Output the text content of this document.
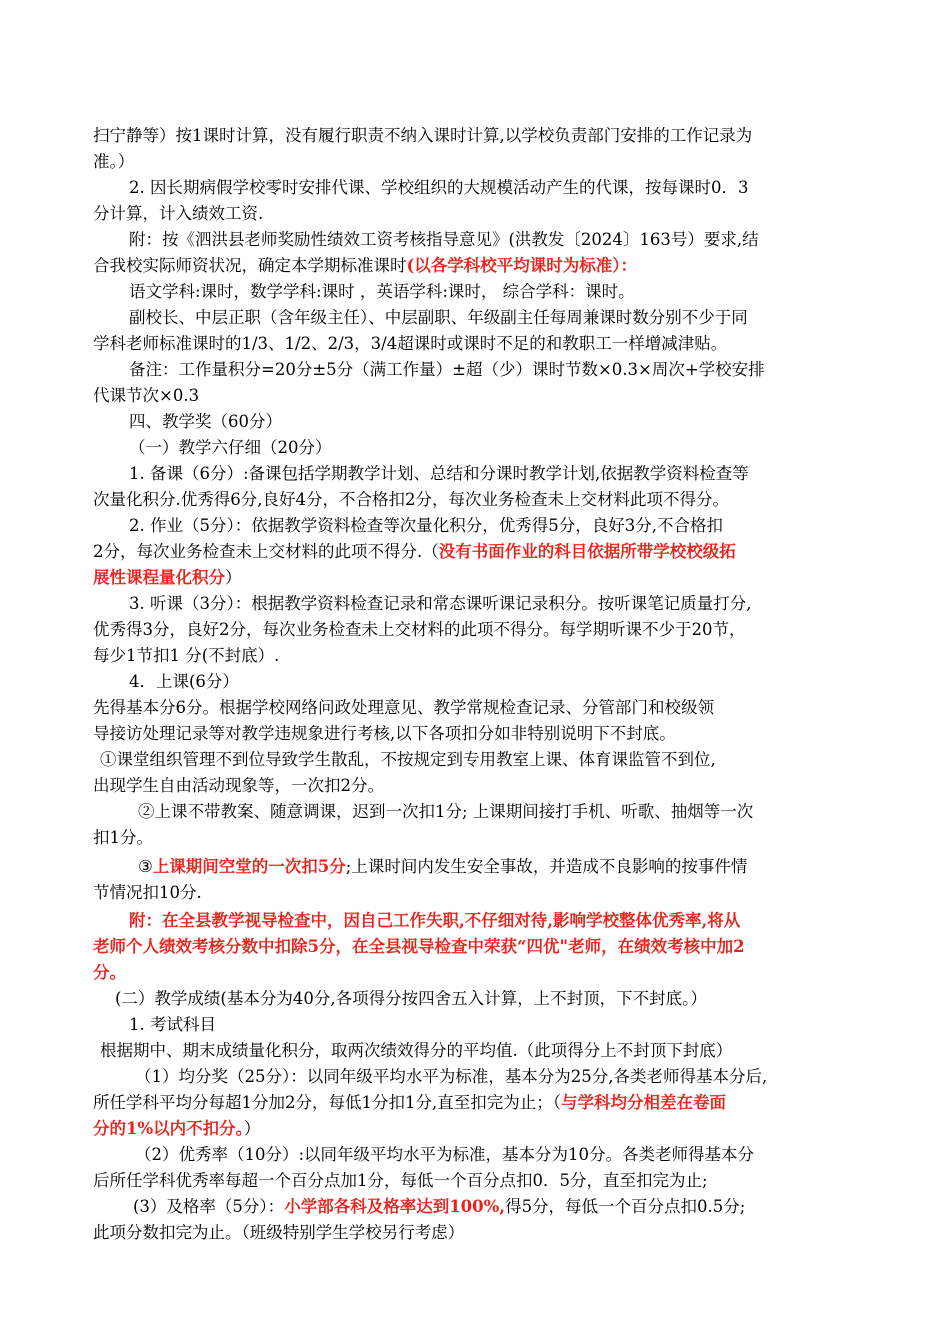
扫宁静等）按1课时计算，没有履行职责不纳入课时计算,以学校负责部门安排的工作记录为
准。）
2. 因长期病假学校零时安排代课、学校组织的大规模活动产生的代课，按每课时0．3
分计算，计入绩效工资.
附：按《泗洪县老师奖励性绩效工资考核指导意见》(洪教发〔2024〕163号）要求,结
合我校实际师资状况，确定本学期标准课时(以各学科校平均课时为标准）：
语文学科:课时，数学学科:课时 ，英语学科:课时， 综合学科：课时。
副校长、中层正职（含年级主任）、中层副职、年级副主任每周兼课时数分别不少于同
学科老师标准课时的1/3、1/2、2/3，3/4超课时或课时不足的和教职工一样增减津贴。
备注：工作量积分=20分±5分（满工作量）±超（少）课时节数×0.3×周次+学校安排
代课节次×0.3
四、教学奖（60分）
（一）教学六仔细（20分）
1. 备课（6分）:备课包括学期教学计划、总结和分课时教学计划,依据教学资料检查等
次量化积分.优秀得6分,良好4分，不合格扣2分，每次业务检查未上交材料此项不得分。
2. 作业（5分）：依据教学资料检查等次量化积分，优秀得5分，良好3分,不合格扣
2分，每次业务检查未上交材料的此项不得分.（没有书面作业的科目依据所带学校校级拓
展性课程量化积分）
3. 听课（3分）：根据教学资料检查记录和常态课听课记录积分。按听课笔记质量打分,
优秀得3分，良好2分，每次业务检查未上交材料的此项不得分。每学期听课不少于20节，
每少1节扣1 分(不封底）.
4．上课(6分）
先得基本分6分。根据学校网络问政处理意见、教学常规检查记录、分管部门和校级领
导接访处理记录等对教学违规象进行考核,以下各项扣分如非特别说明下不封底。
①课堂组织管理不到位导致学生散乱，不按规定到专用教室上课、体育课监管不到位,
出现学生自由活动现象等，一次扣2分。
②上课不带教案、随意调课，迟到一次扣1分; 上课期间接打手机、听歌、抽烟等一次
扣1分。
③上课期间空堂的一次扣5分;上课时间内发生安全事故，并造成不良影响的按事件情
节情况扣10分.
附：在全县教学视导检查中，因自己工作失职,不仔细对待,影响学校整体优秀率,将从
老师个人绩效考核分数中扣除5分，在全县视导检查中荣获“四优"老师，在绩效考核中加2
分。
(二）教学成绩(基本分为40分,各项得分按四舍五入计算，上不封顶，下不封底。）
1. 考试科目
根据期中、期末成绩量化积分，取两次绩效得分的平均值.（此项得分上不封顶下封底）
（1）均分奖（25分）：以同年级平均水平为标准，基本分为25分,各类老师得基本分后,
所任学科平均分每超1分加2分，每低1分扣1分,直至扣完为止；（与学科均分相差在卷面
分的1%以内不扣分。）
（2）优秀率（10分）:以同年级平均水平为标准，基本分为10分。各类老师得基本分
后所任学科优秀率每超一个百分点加1分，每低一个百分点扣0．5分，直至扣完为止;
(3）及格率（5分）：小学部各科及格率达到100%,得5分，每低一个百分点扣0.5分;
此项分数扣完为止。（班级特别学生学校另行考虑）
